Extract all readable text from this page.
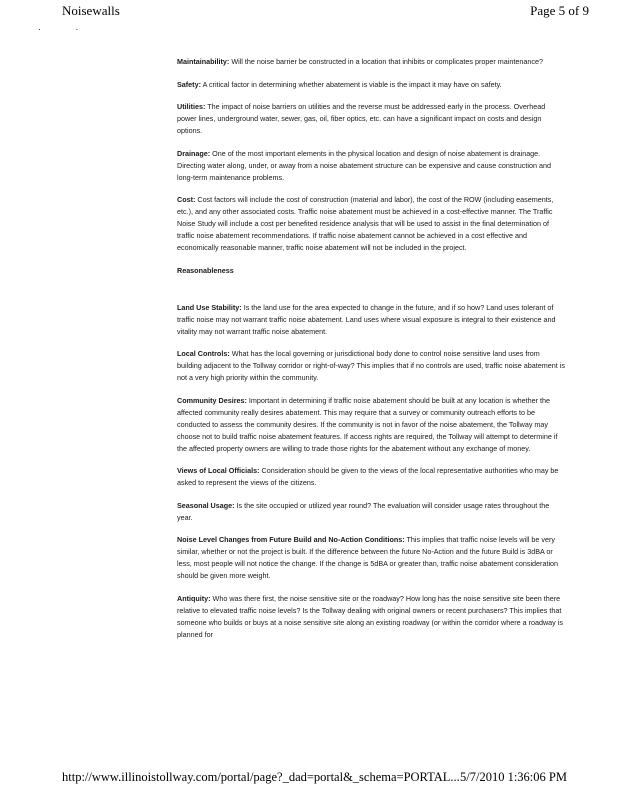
Noisewalls	Page 5 of 9
. .

Maintainability: Will the noise barrier be constructed in a location that inhibits or complicates proper maintenance?

Safety: A critical factor in determining whether abatement is viable is the impact it may have on safety.

Utilities: The impact of noise barriers on utilities and the reverse must be addressed early in the process. Overhead power lines, underground water, sewer, gas, oil, fiber optics, etc. can have a significant impact on costs and design options.

Drainage: One of the most important elements in the physical location and design of noise abatement is drainage. Directing water along, under, or away from a noise abatement structure can be expensive and cause construction and long-term maintenance problems.

Cost: Cost factors will include the cost of construction (material and labor), the cost of the ROW (including easements, etc.), and any other associated costs. Traffic noise abatement must be achieved in a cost-effective manner. The Traffic Noise Study will include a cost per benefited residence analysis that will be used to assist in the final determination of traffic noise abatement recommendations. If traffic noise abatement cannot be achieved in a cost effective and economically reasonable manner, traffic noise abatement will not be included in the project.

Reasonableness

Land Use Stability: Is the land use for the area expected to change in the future, and if so how? Land uses tolerant of traffic noise may not warrant traffic noise abatement. Land uses where visual exposure is integral to their existence and vitality may not warrant traffic noise abatement.

Local Controls: What has the local governing or jurisdictional body done to control noise sensitive land uses from building adjacent to the Tollway corridor or right-of-way? This implies that if no controls are used, traffic noise abatement is not a very high priority within the community.

Community Desires: Important in determining if traffic noise abatement should be built at any location is whether the affected community really desires abatement. This may require that a survey or community outreach efforts to be conducted to assess the community desires. If the community is not in favor of the noise abatement, the Tollway may choose not to build traffic noise abatement features. If access rights are required, the Tollway will attempt to determine if the affected property owners are willing to trade those rights for the abatement without any exchange of money.

Views of Local Officials: Consideration should be given to the views of the local representative authorities who may be asked to represent the views of the citizens.

Seasonal Usage: Is the site occupied or utilized year round? The evaluation will consider usage rates throughout the year.

Noise Level Changes from Future Build and No-Action Conditions: This implies that traffic noise levels will be very similar, whether or not the project is built. If the difference between the future No-Action and the future Build is 3dBA or less, most people will not notice the change. If the change is 5dBA or greater than, traffic noise abatement consideration should be given more weight.

Antiquity: Who was there first, the noise sensitive site or the roadway? How long has the noise sensitive site been there relative to elevated traffic noise levels? Is the Tollway dealing with original owners or recent purchasers? This implies that someone who builds or buys at a noise sensitive site along an existing roadway (or within the corridor where a roadway is planned for

http://www.illinoistollway.com/portal/page?_dad=portal&_schema=PORTAL... 5/7/2010 1:36:06 PM
